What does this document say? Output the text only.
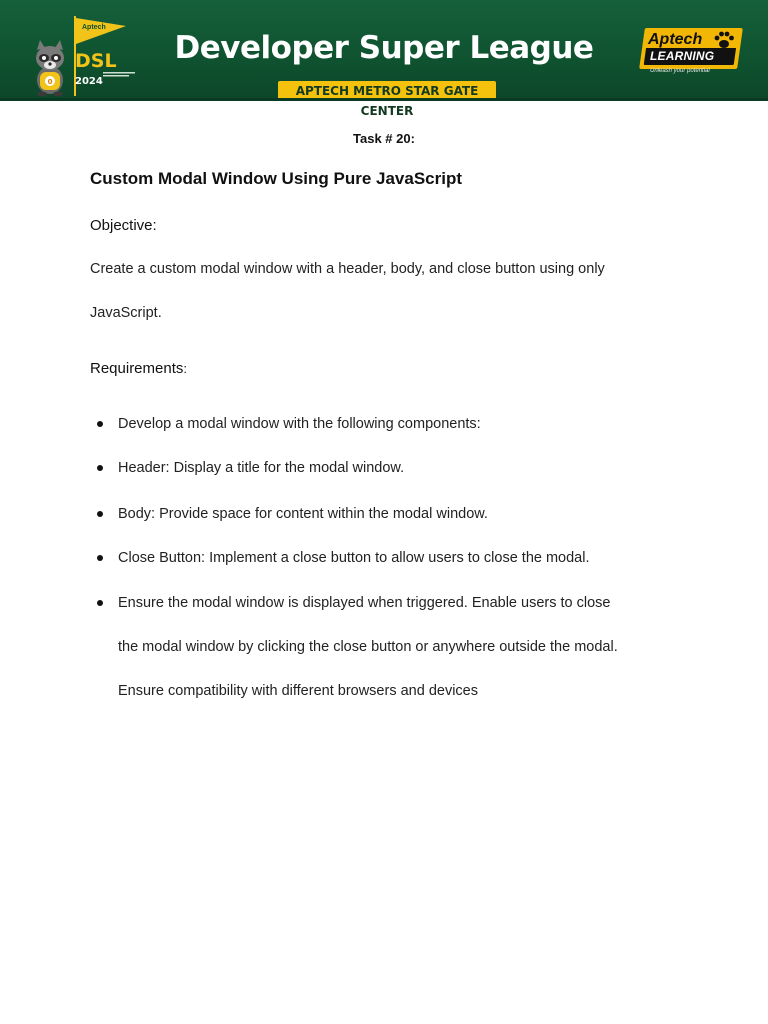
0
Aptech
DSL
2024
Developer Super League
APTECH METRO STAR GATE CENTER
Aptech
LEARNING
Unleash your potential
Task # 20:
Custom Modal Window Using Pure JavaScript
Objective:
Create a custom modal window with a header, body, and close button using only
JavaScript.
Requirements:
Develop a modal window with the following components:
Header: Display a title for the modal window.
Body: Provide space for content within the modal window.
Close Button: Implement a close button to allow users to close the modal.
Ensure the modal window is displayed when triggered. Enable users to close
the modal window by clicking the close button or anywhere outside the modal.
Ensure compatibility with different browsers and devices
